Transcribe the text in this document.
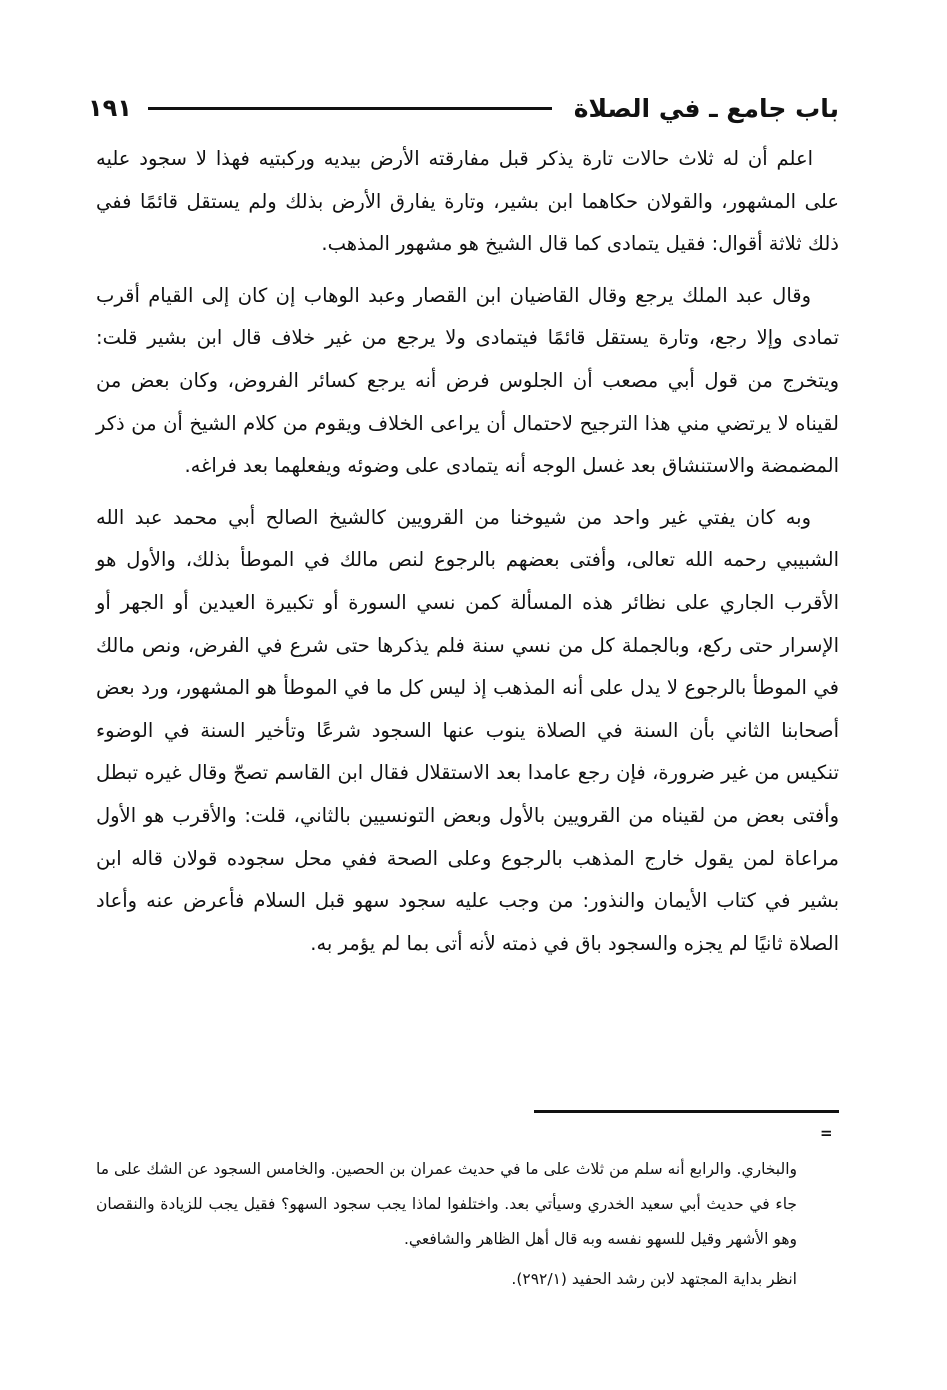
باب جامع ـ في الصلاة
١٩١

اعلم أن له ثلاث حالات تارة يذكر قبل مفارقته الأرض بيديه وركبتيه فهذا لا سجود عليه على المشهور، والقولان حكاهما ابن بشير، وتارة يفارق الأرض بذلك ولم يستقل قائمًا ففي ذلك ثلاثة أقوال: فقيل يتمادى كما قال الشيخ هو مشهور المذهب.

وقال عبد الملك يرجع وقال القاضيان ابن القصار وعبد الوهاب إن كان إلى القيام أقرب تمادى وإلا رجع، وتارة يستقل قائمًا فيتمادى ولا يرجع من غير خلاف قال ابن بشير قلت: ويتخرج من قول أبي مصعب أن الجلوس فرض أنه يرجع كسائر الفروض، وكان بعض من لقيناه لا يرتضي مني هذا الترجيح لاحتمال أن يراعى الخلاف ويقوم من كلام الشيخ أن من ذكر المضمضة والاستنشاق بعد غسل الوجه أنه يتمادى على وضوئه ويفعلهما بعد فراغه.

وبه كان يفتي غير واحد من شيوخنا من القرويين كالشيخ الصالح أبي محمد عبد الله الشبيبي رحمه الله تعالى، وأفتى بعضهم بالرجوع لنص مالك في الموطأ بذلك، والأول هو الأقرب الجاري على نظائر هذه المسألة كمن نسي السورة أو تكبيرة العيدين أو الجهر أو الإسرار حتى ركع، وبالجملة كل من نسي سنة فلم يذكرها حتى شرع في الفرض، ونص مالك في الموطأ بالرجوع لا يدل على أنه المذهب إذ ليس كل ما في الموطأ هو المشهور، ورد بعض أصحابنا الثاني بأن السنة في الصلاة ينوب عنها السجود شرعًا وتأخير السنة في الوضوء تنكيس من غير ضرورة، فإن رجع عامدا بعد الاستقلال فقال ابن القاسم تصحّ وقال غيره تبطل وأفتى بعض من لقيناه من القرويين بالأول وبعض التونسيين بالثاني، قلت: والأقرب هو الأول مراعاة لمن يقول خارج المذهب بالرجوع وعلى الصحة ففي محل سجوده قولان قاله ابن بشير في كتاب الأيمان والنذور: من وجب عليه سجود سهو قبل السلام فأعرض عنه وأعاد الصلاة ثانيًا لم يجزه والسجود باق في ذمته لأنه أتى بما لم يؤمر به.

=

والبخاري. والرابع أنه سلم من ثلاث على ما في حديث عمران بن الحصين. والخامس السجود عن الشك على ما جاء في حديث أبي سعيد الخدري وسيأتي بعد. واختلفوا لماذا يجب سجود السهو؟ فقيل يجب للزيادة والنقصان وهو الأشهر وقيل للسهو نفسه وبه قال أهل الظاهر والشافعي.

انظر بداية المجتهد لابن رشد الحفيد (٢٩٢/١).
